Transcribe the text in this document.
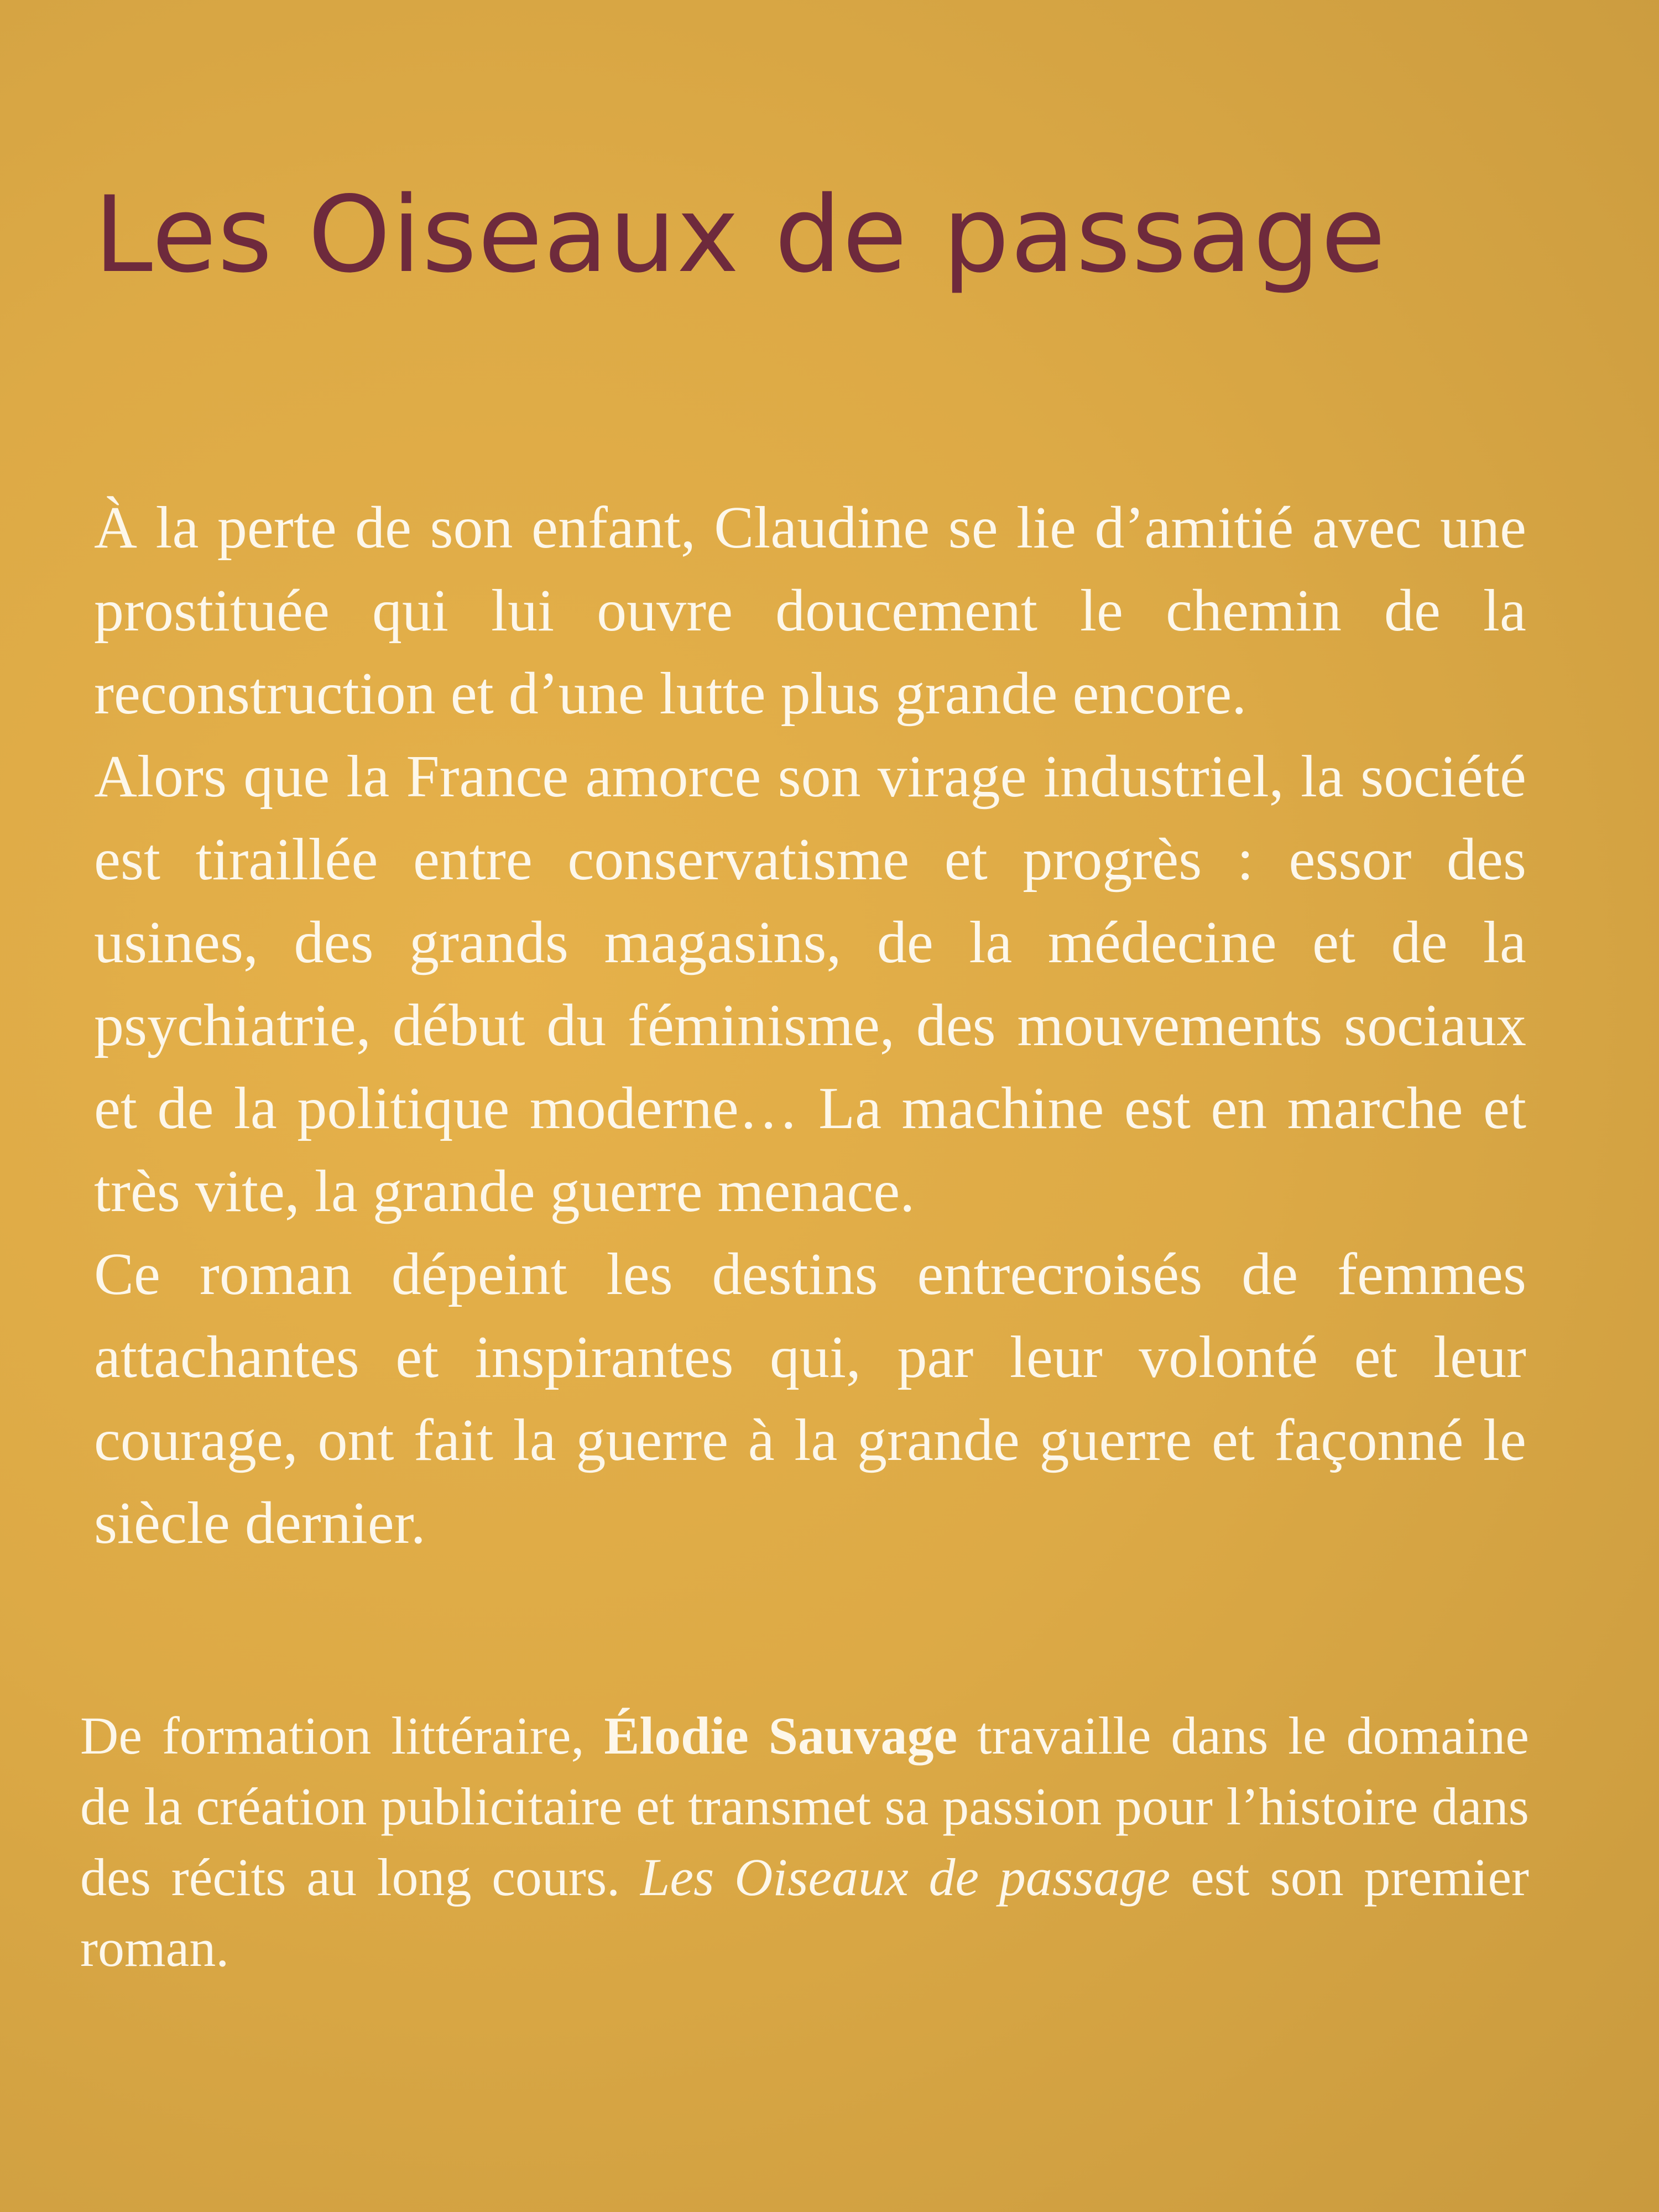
Les Oiseaux de passage

À la perte de son enfant, Claudine se lie d’amitié avec une prostituée qui lui ouvre doucement le chemin de la reconstruction et d’une lutte plus grande encore.

Alors que la France amorce son virage industriel, la société est tiraillée entre conservatisme et progrès : essor des usines, des grands magasins, de la médecine et de la psychiatrie, début du féminisme, des mouvements sociaux et de la politique moderne… La machine est en marche et très vite, la grande guerre menace.

Ce roman dépeint les destins entrecroisés de femmes attachantes et inspirantes qui, par leur volonté et leur courage, ont fait la guerre à la grande guerre et façonné le siècle dernier.

De formation littéraire, Élodie Sauvage travaille dans le domaine de la création publicitaire et transmet sa passion pour l’histoire dans des récits au long cours. Les Oiseaux de passage est son premier roman.
